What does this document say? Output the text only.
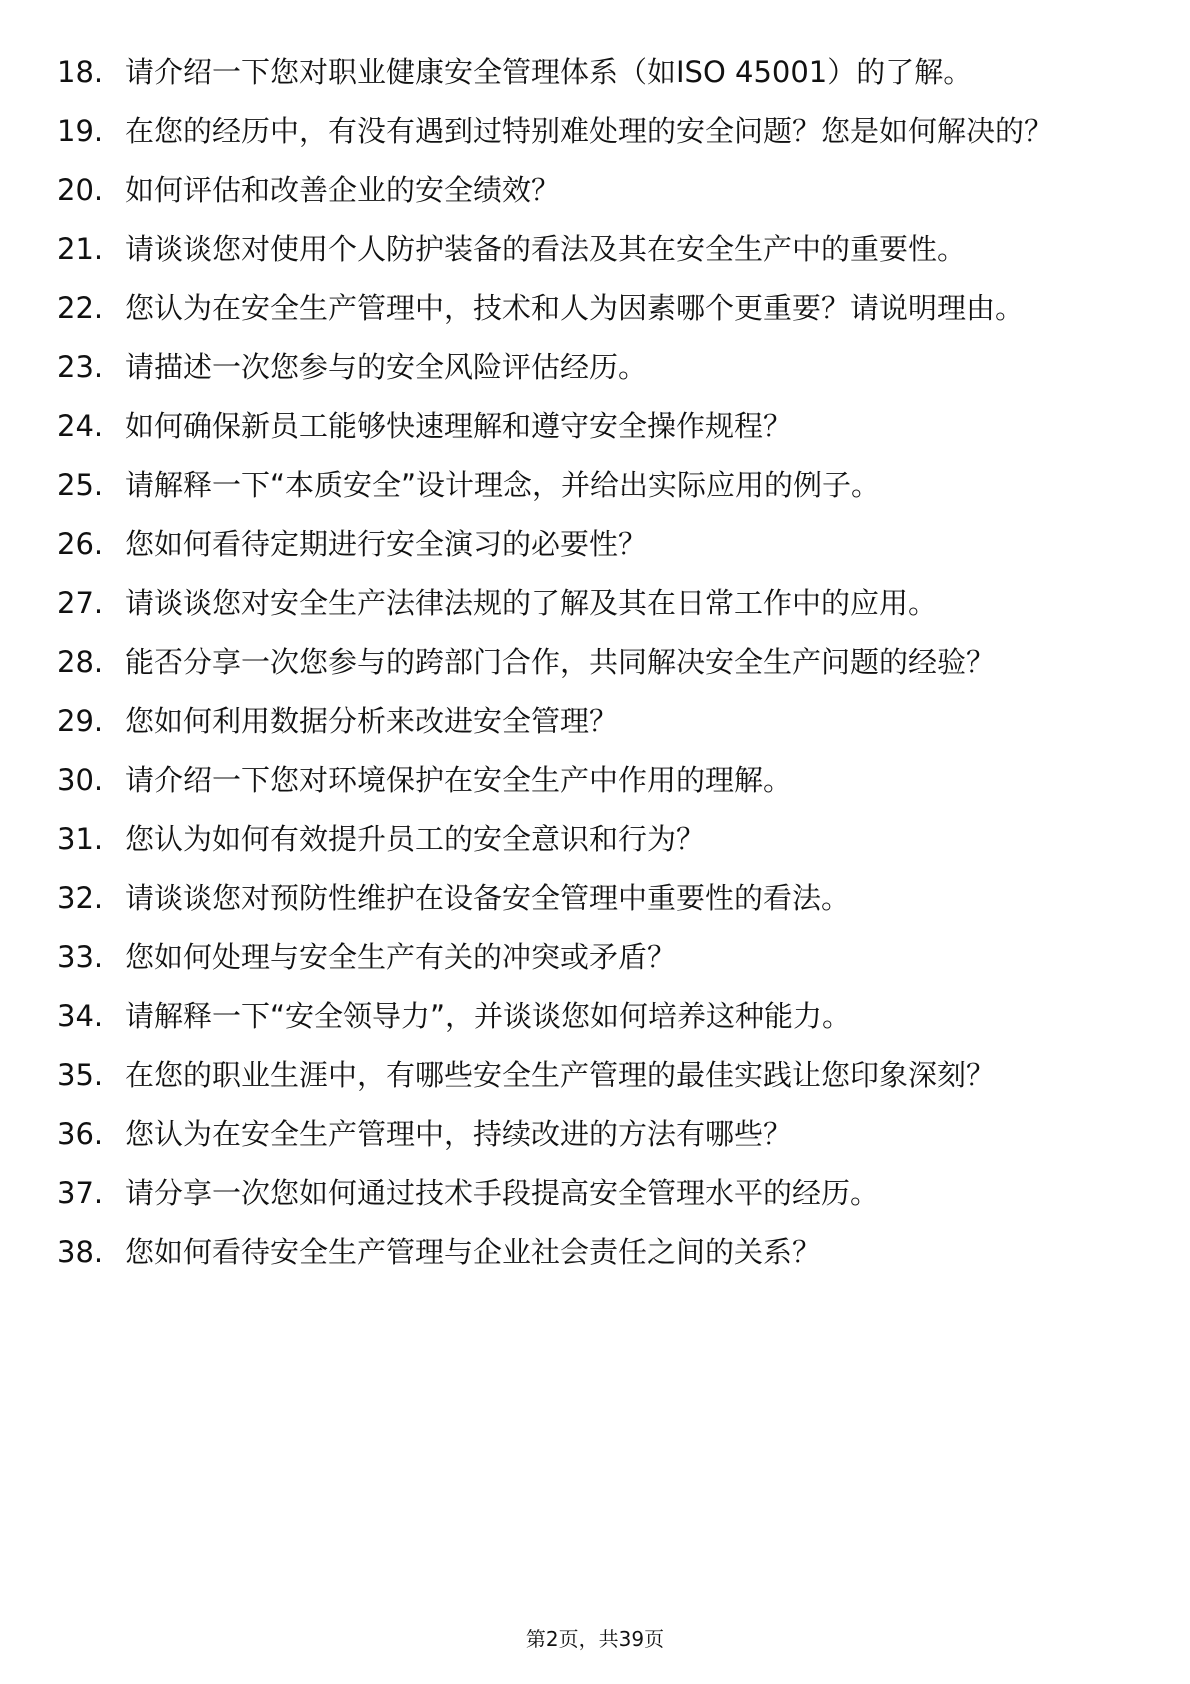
18. 请介绍一下您对职业健康安全管理体系（如ISO 45001）的了解。
19. 在您的经历中，有没有遇到过特别难处理的安全问题？您是如何解决的？
20. 如何评估和改善企业的安全绩效？
21. 请谈谈您对使用个人防护装备的看法及其在安全生产中的重要性。
22. 您认为在安全生产管理中，技术和人为因素哪个更重要？请说明理由。
23. 请描述一次您参与的安全风险评估经历。
24. 如何确保新员工能够快速理解和遵守安全操作规程？
25. 请解释一下“本质安全”设计理念，并给出实际应用的例子。
26. 您如何看待定期进行安全演习的必要性？
27. 请谈谈您对安全生产法律法规的了解及其在日常工作中的应用。
28. 能否分享一次您参与的跨部门合作，共同解决安全生产问题的经验？
29. 您如何利用数据分析来改进安全管理？
30. 请介绍一下您对环境保护在安全生产中作用的理解。
31. 您认为如何有效提升员工的安全意识和行为？
32. 请谈谈您对预防性维护在设备安全管理中重要性的看法。
33. 您如何处理与安全生产有关的冲突或矛盾？
34. 请解释一下“安全领导力”，并谈谈您如何培养这种能力。
35. 在您的职业生涯中，有哪些安全生产管理的最佳实践让您印象深刻？
36. 您认为在安全生产管理中，持续改进的方法有哪些？
37. 请分享一次您如何通过技术手段提高安全管理水平的经历。
38. 您如何看待安全生产管理与企业社会责任之间的关系？
第2页，共39页
